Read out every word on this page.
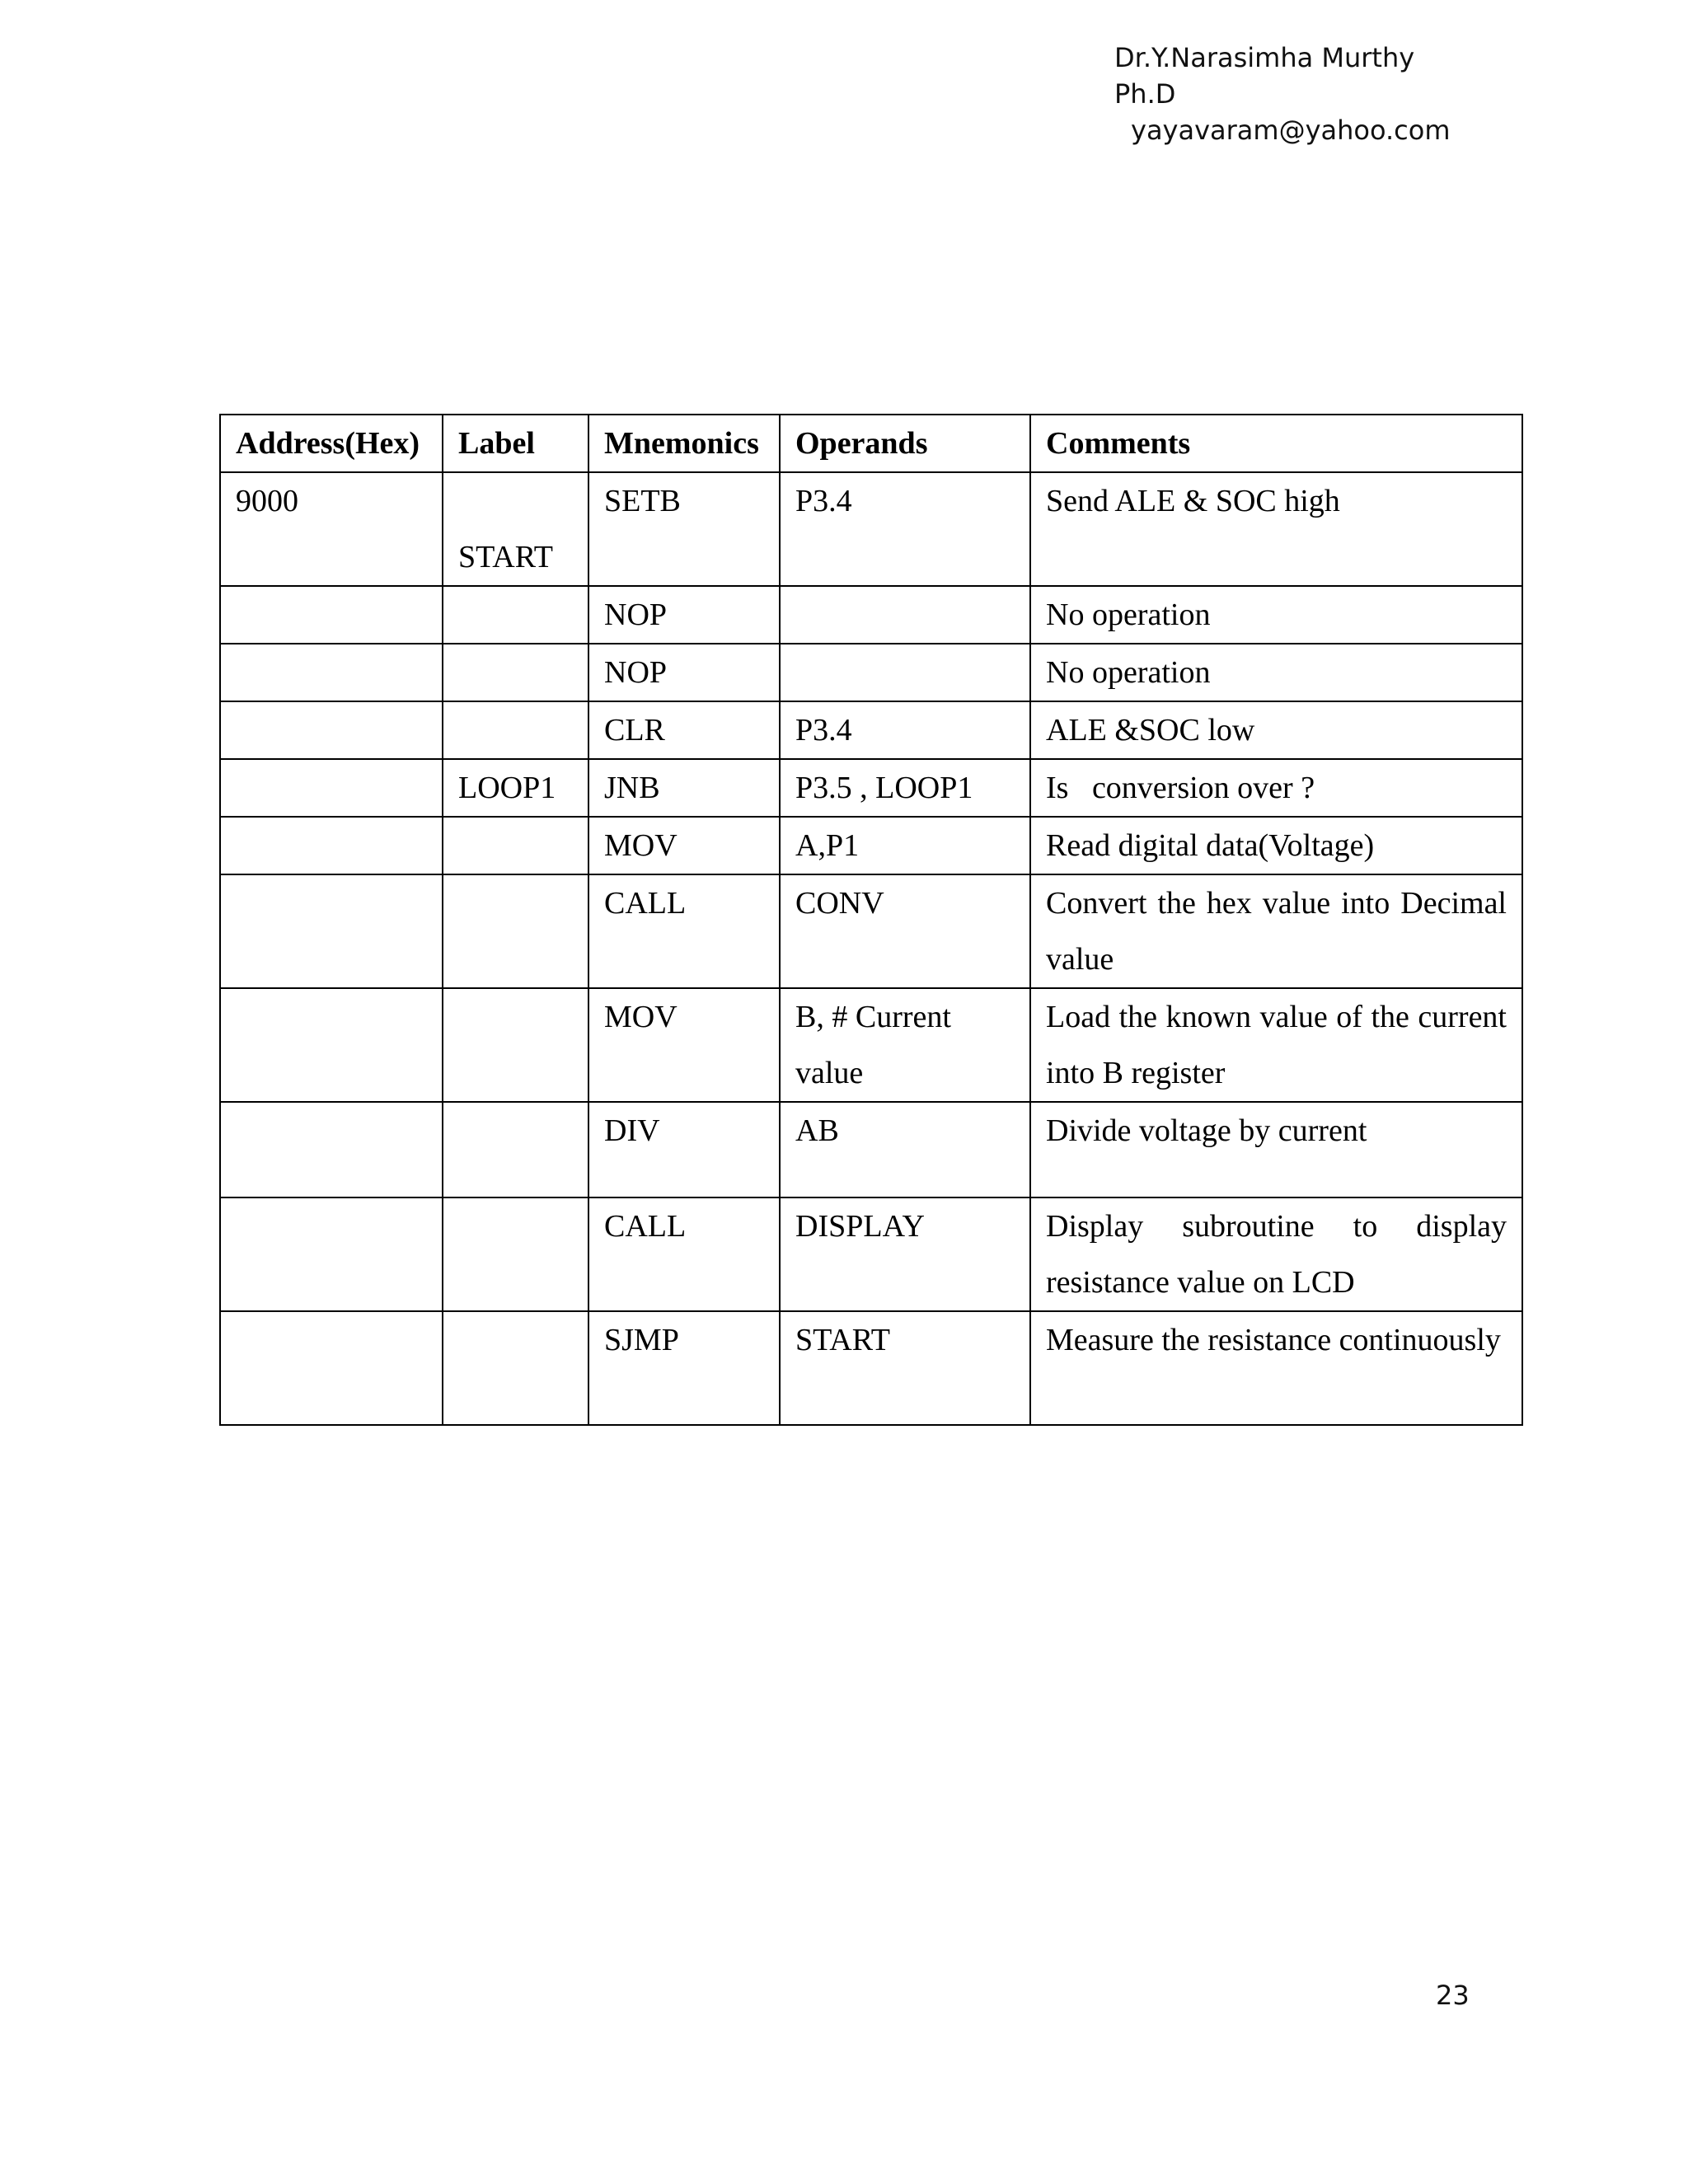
Dr.Y.Narasimha Murthy Ph.D
yayavaram@yahoo.com
Address(Hex)	Label	Mnemonics	Operands	Comments
9000	START	SETB	P3.4	Send ALE & SOC high
		NOP		No operation
		NOP		No operation
		CLR	P3.4	ALE &SOC low
	LOOP1	JNB	P3.5 , LOOP1	Is   conversion over ?
		MOV	A,P1	Read digital data(Voltage)
		CALL	CONV	Convert the hex value into Decimal value
		MOV	B, # Current value	Load the known value of the current into B register
		DIV	AB	Divide voltage by current
		CALL	DISPLAY	Display subroutine to display resistance value on LCD
		SJMP	START	Measure the resistance continuously
23
